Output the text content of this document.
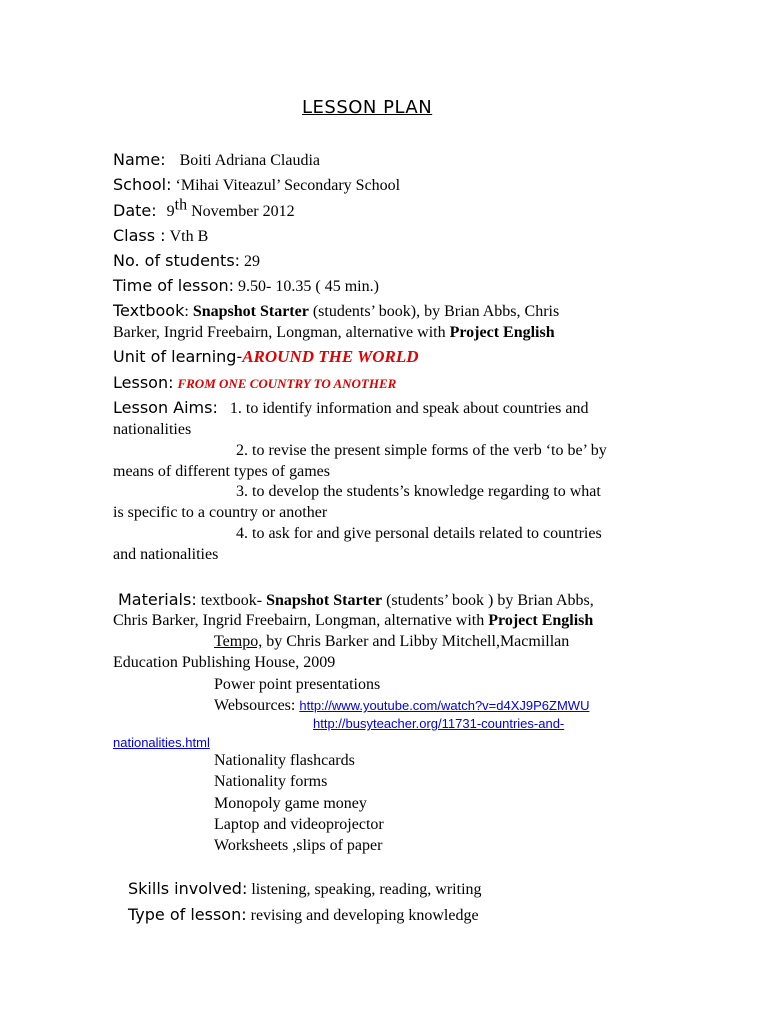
LESSON PLAN
Name: Boiti Adriana Claudia
School: ‘Mihai Viteazul’ Secondary School
Date: 9th November 2012
Class : Vth B
No. of students: 29
Time of lesson: 9.50- 10.35 ( 45 min.)
Textbook: Snapshot Starter (students’ book), by Brian Abbs, Chris
Barker, Ingrid Freebairn, Longman, alternative with Project English
Unit of learning-AROUND THE WORLD
Lesson: FROM ONE COUNTRY TO ANOTHER
Lesson Aims: 1. to identify information and speak about countries and
nationalities
2. to revise the present simple forms of the verb ‘to be’ by
means of different types of games
3. to develop the students’s knowledge regarding to what
is specific to a country or another
4. to ask for and give personal details related to countries
and nationalities
Materials: textbook- Snapshot Starter (students’ book ) by Brian Abbs,
Chris Barker, Ingrid Freebairn, Longman, alternative with Project English
Tempo, by Chris Barker and Libby Mitchell,Macmillan
Education Publishing House, 2009
Power point presentations
Websources: http://www.youtube.com/watch?v=d4XJ9P6ZMWU
http://busyteacher.org/11731-countries-and-
nationalities.html
Nationality flashcards
Nationality forms
Monopoly game money
Laptop and videoprojector
Worksheets ,slips of paper
Skills involved: listening, speaking, reading, writing
Type of lesson: revising and developing knowledge
